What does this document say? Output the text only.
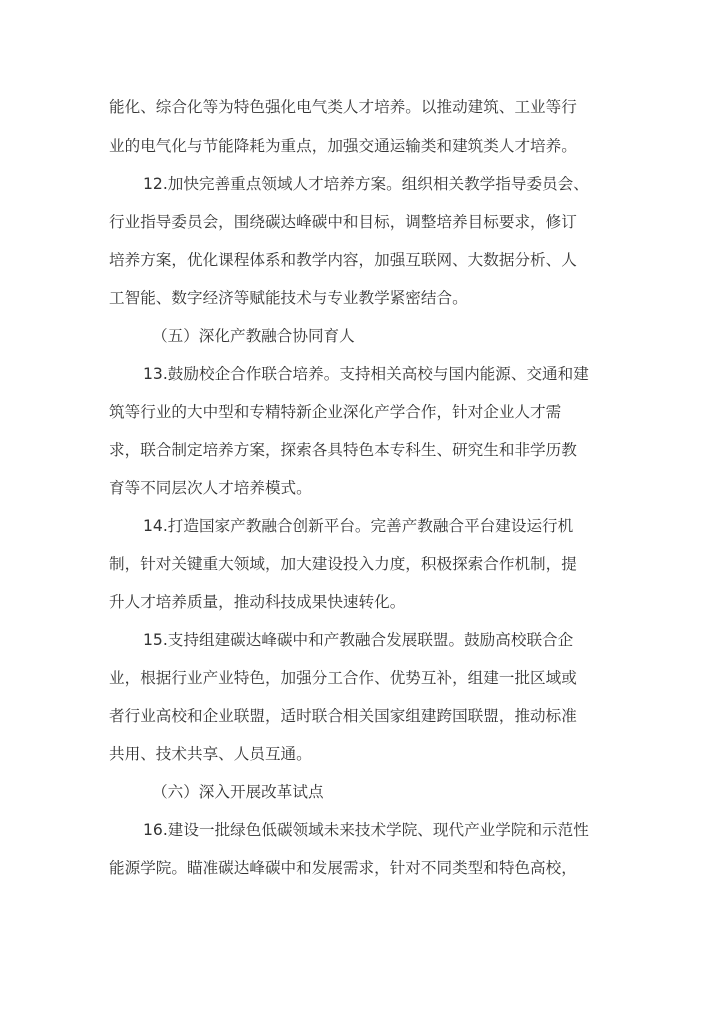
能化、综合化等为特色强化电气类人才培养。以推动建筑、工业等行
业的电气化与节能降耗为重点，加强交通运输类和建筑类人才培养。
12.加快完善重点领域人才培养方案。组织相关教学指导委员会、
行业指导委员会，围绕碳达峰碳中和目标，调整培养目标要求，修订
培养方案，优化课程体系和教学内容，加强互联网、大数据分析、人
工智能、数字经济等赋能技术与专业教学紧密结合。
（五）深化产教融合协同育人
13.鼓励校企合作联合培养。支持相关高校与国内能源、交通和建
筑等行业的大中型和专精特新企业深化产学合作，针对企业人才需
求，联合制定培养方案，探索各具特色本专科生、研究生和非学历教
育等不同层次人才培养模式。
14.打造国家产教融合创新平台。完善产教融合平台建设运行机
制，针对关键重大领域，加大建设投入力度，积极探索合作机制，提
升人才培养质量，推动科技成果快速转化。
15.支持组建碳达峰碳中和产教融合发展联盟。鼓励高校联合企
业，根据行业产业特色，加强分工合作、优势互补，组建一批区域或
者行业高校和企业联盟，适时联合相关国家组建跨国联盟，推动标准
共用、技术共享、人员互通。
（六）深入开展改革试点
16.建设一批绿色低碳领域未来技术学院、现代产业学院和示范性
能源学院。瞄准碳达峰碳中和发展需求，针对不同类型和特色高校，
